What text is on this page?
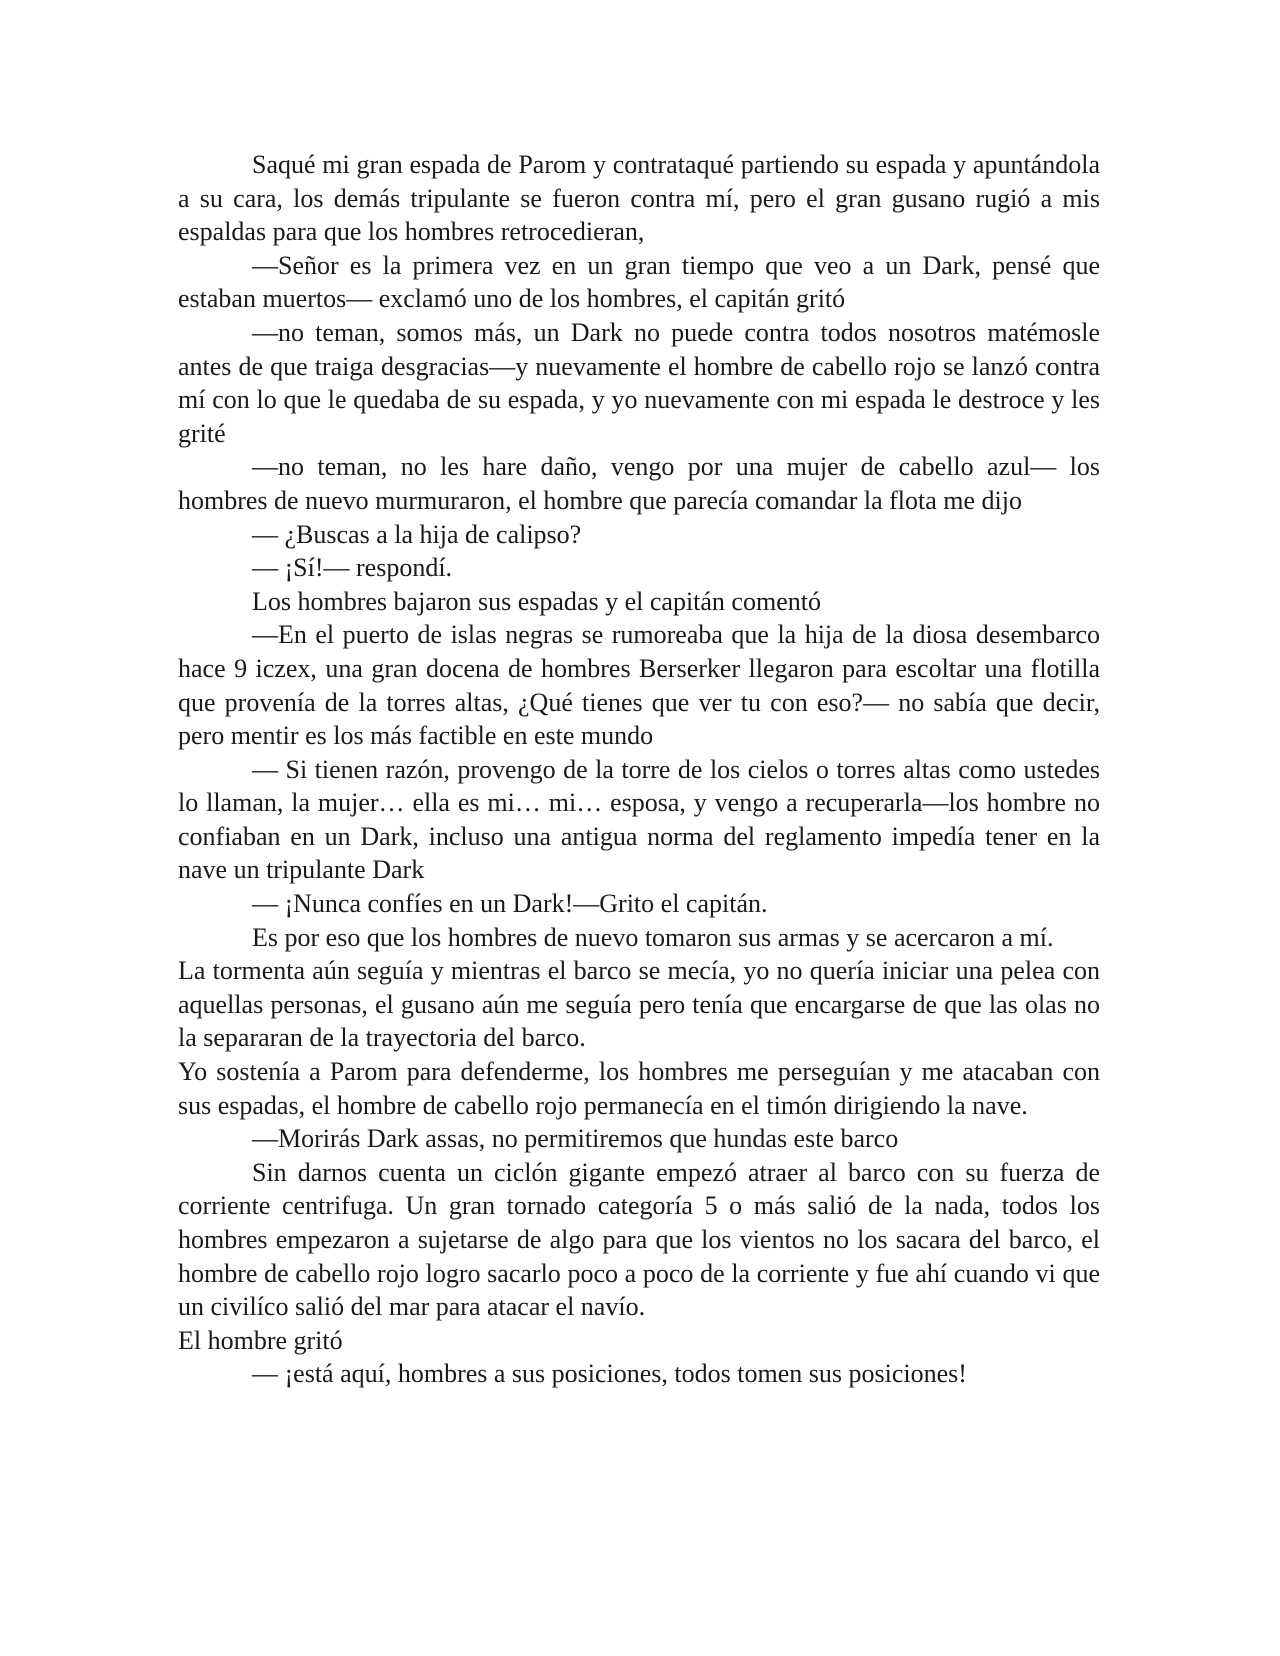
Saqué mi gran espada de Parom y contrataqué partiendo su espada y apuntándola a su cara, los demás tripulante se fueron contra mí, pero el gran gusano rugió a mis espaldas para que los hombres retrocedieran,

—Señor es la primera vez en un gran tiempo que veo a un Dark, pensé que estaban muertos— exclamó uno de los hombres, el capitán gritó

—no teman, somos más, un Dark no puede contra todos nosotros matémosle antes de que traiga desgracias—y nuevamente el hombre de cabello rojo se lanzó contra mí con lo que le quedaba de su espada, y yo nuevamente con mi espada le destroce y les grité

—no teman, no les hare daño, vengo por una mujer de cabello azul— los hombres de nuevo murmuraron, el hombre que parecía comandar la flota me dijo

— ¿Buscas a la hija de calipso?

— ¡Sí!— respondí.

Los hombres bajaron sus espadas y el capitán comentó

—En el puerto de islas negras se rumoreaba que la hija de la diosa desembarco hace 9 iczex, una gran docena de hombres Berserker llegaron para escoltar una flotilla que provenía de la torres altas, ¿Qué tienes que ver tu con eso?— no sabía que decir, pero mentir es los más factible en este mundo

— Si tienen razón, provengo de la torre de los cielos o torres altas como ustedes lo llaman, la mujer… ella es mi… mi… esposa, y vengo a recuperarla—los hombre no confiaban en un Dark, incluso una antigua norma del reglamento impedía tener en la nave un tripulante Dark

— ¡Nunca confíes en un Dark!—Grito el capitán.

Es por eso que los hombres de nuevo tomaron sus armas y se acercaron a mí.

La tormenta aún seguía y mientras el barco se mecía, yo no quería iniciar una pelea con aquellas personas, el gusano aún me seguía pero tenía que encargarse de que las olas no la separaran de la trayectoria del barco.

Yo sostenía a Parom para defenderme, los hombres me perseguían y me atacaban con sus espadas, el hombre de cabello rojo permanecía en el timón dirigiendo la nave.

—Morirás Dark assas, no permitiremos que hundas este barco

Sin darnos cuenta un ciclón gigante empezó atraer al barco con su fuerza de corriente centrifuga. Un gran tornado categoría 5 o más salió de la nada, todos los hombres empezaron a sujetarse de algo para que los vientos no los sacara del barco, el hombre de cabello rojo logro sacarlo poco a poco de la corriente y fue ahí cuando vi que un civilíco salió del mar para atacar el navío.

El hombre gritó

— ¡está aquí, hombres a sus posiciones, todos tomen sus posiciones!
